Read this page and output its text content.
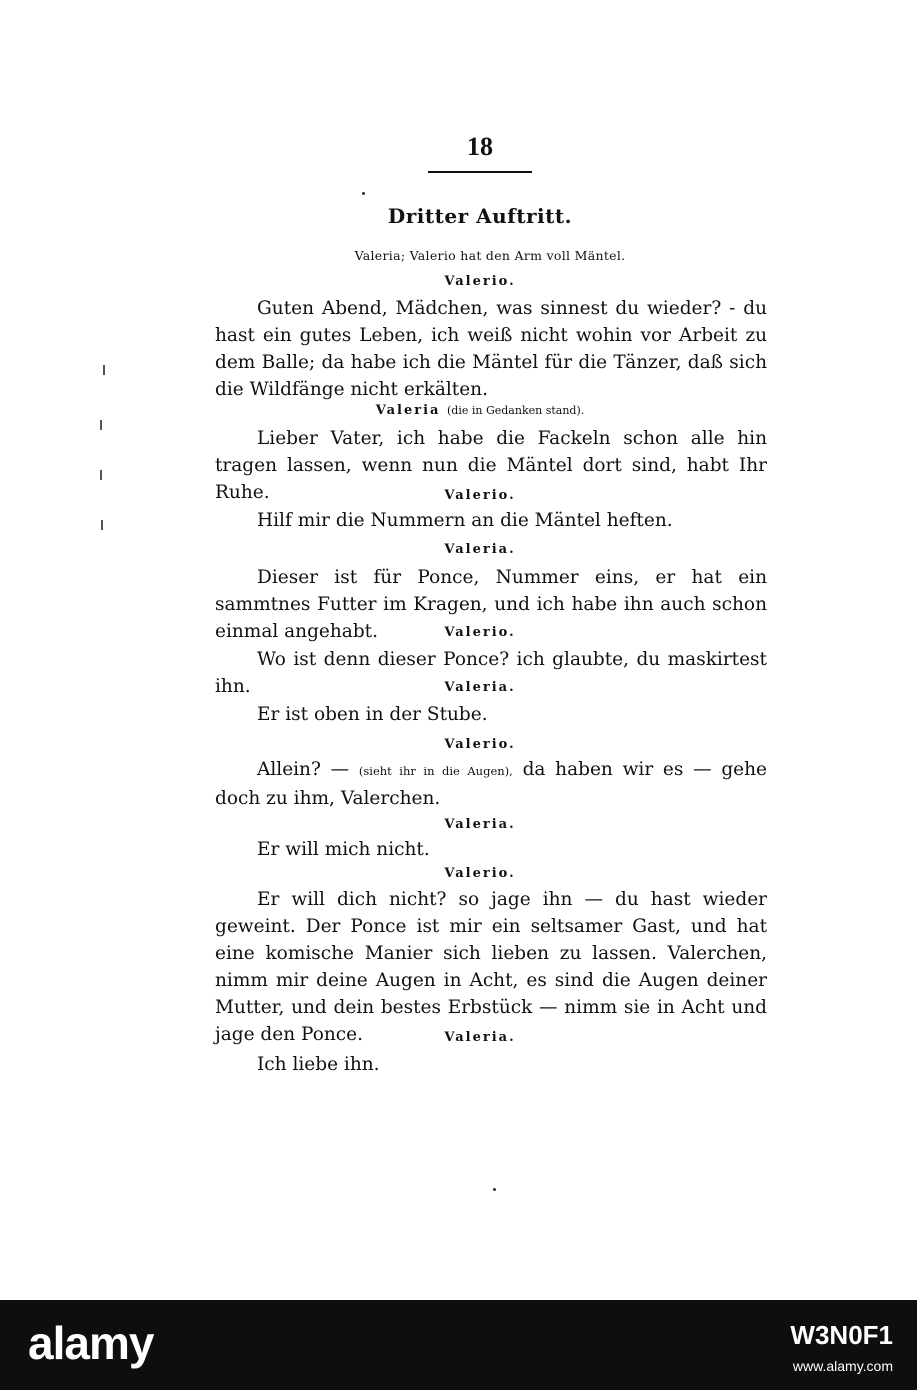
18
Dritter Auftritt.
Valeria; Valerio hat den Arm voll Mäntel.
Valerio.
Guten Abend, Mädchen, was sinnest du wieder? - du hast ein gutes Leben, ich weiß nicht wohin vor Arbeit zu dem Balle; da habe ich die Mäntel für die Tänzer, daß sich die Wildfänge nicht erkälten.
Valeria (die in Gedanken stand).
Lieber Vater, ich habe die Fackeln schon alle hin tragen lassen, wenn nun die Mäntel dort sind, habt Ihr Ruhe.	Valerio.
Hilf mir die Nummern an die Mäntel heften.
Valeria.
Dieser ist für Ponce, Nummer eins, er hat ein sammtnes Futter im Kragen, und ich habe ihn auch schon einmal angehabt.	Valerio.
Wo ist denn dieser Ponce? ich glaubte, du maskirtest ihn.	Valeria.
Er ist oben in der Stube.
Valerio.
Allein? — (sieht ihr in die Augen), da haben wir es — gehe doch zu ihm, Valerchen.
Valeria.
Er will mich nicht.
Valerio.
Er will dich nicht? so jage ihn — du hast wieder geweint. Der Ponce ist mir ein seltsamer Gast, und hat eine komische Manier sich lieben zu lassen. Valerchen, nimm mir deine Augen in Acht, es sind die Augen deiner Mutter, und dein bestes Erbstück — nimm sie in Acht und jage den Ponce.	Valeria.
Ich liebe ihn.
alamy	W3N0F1
www.alamy.com
